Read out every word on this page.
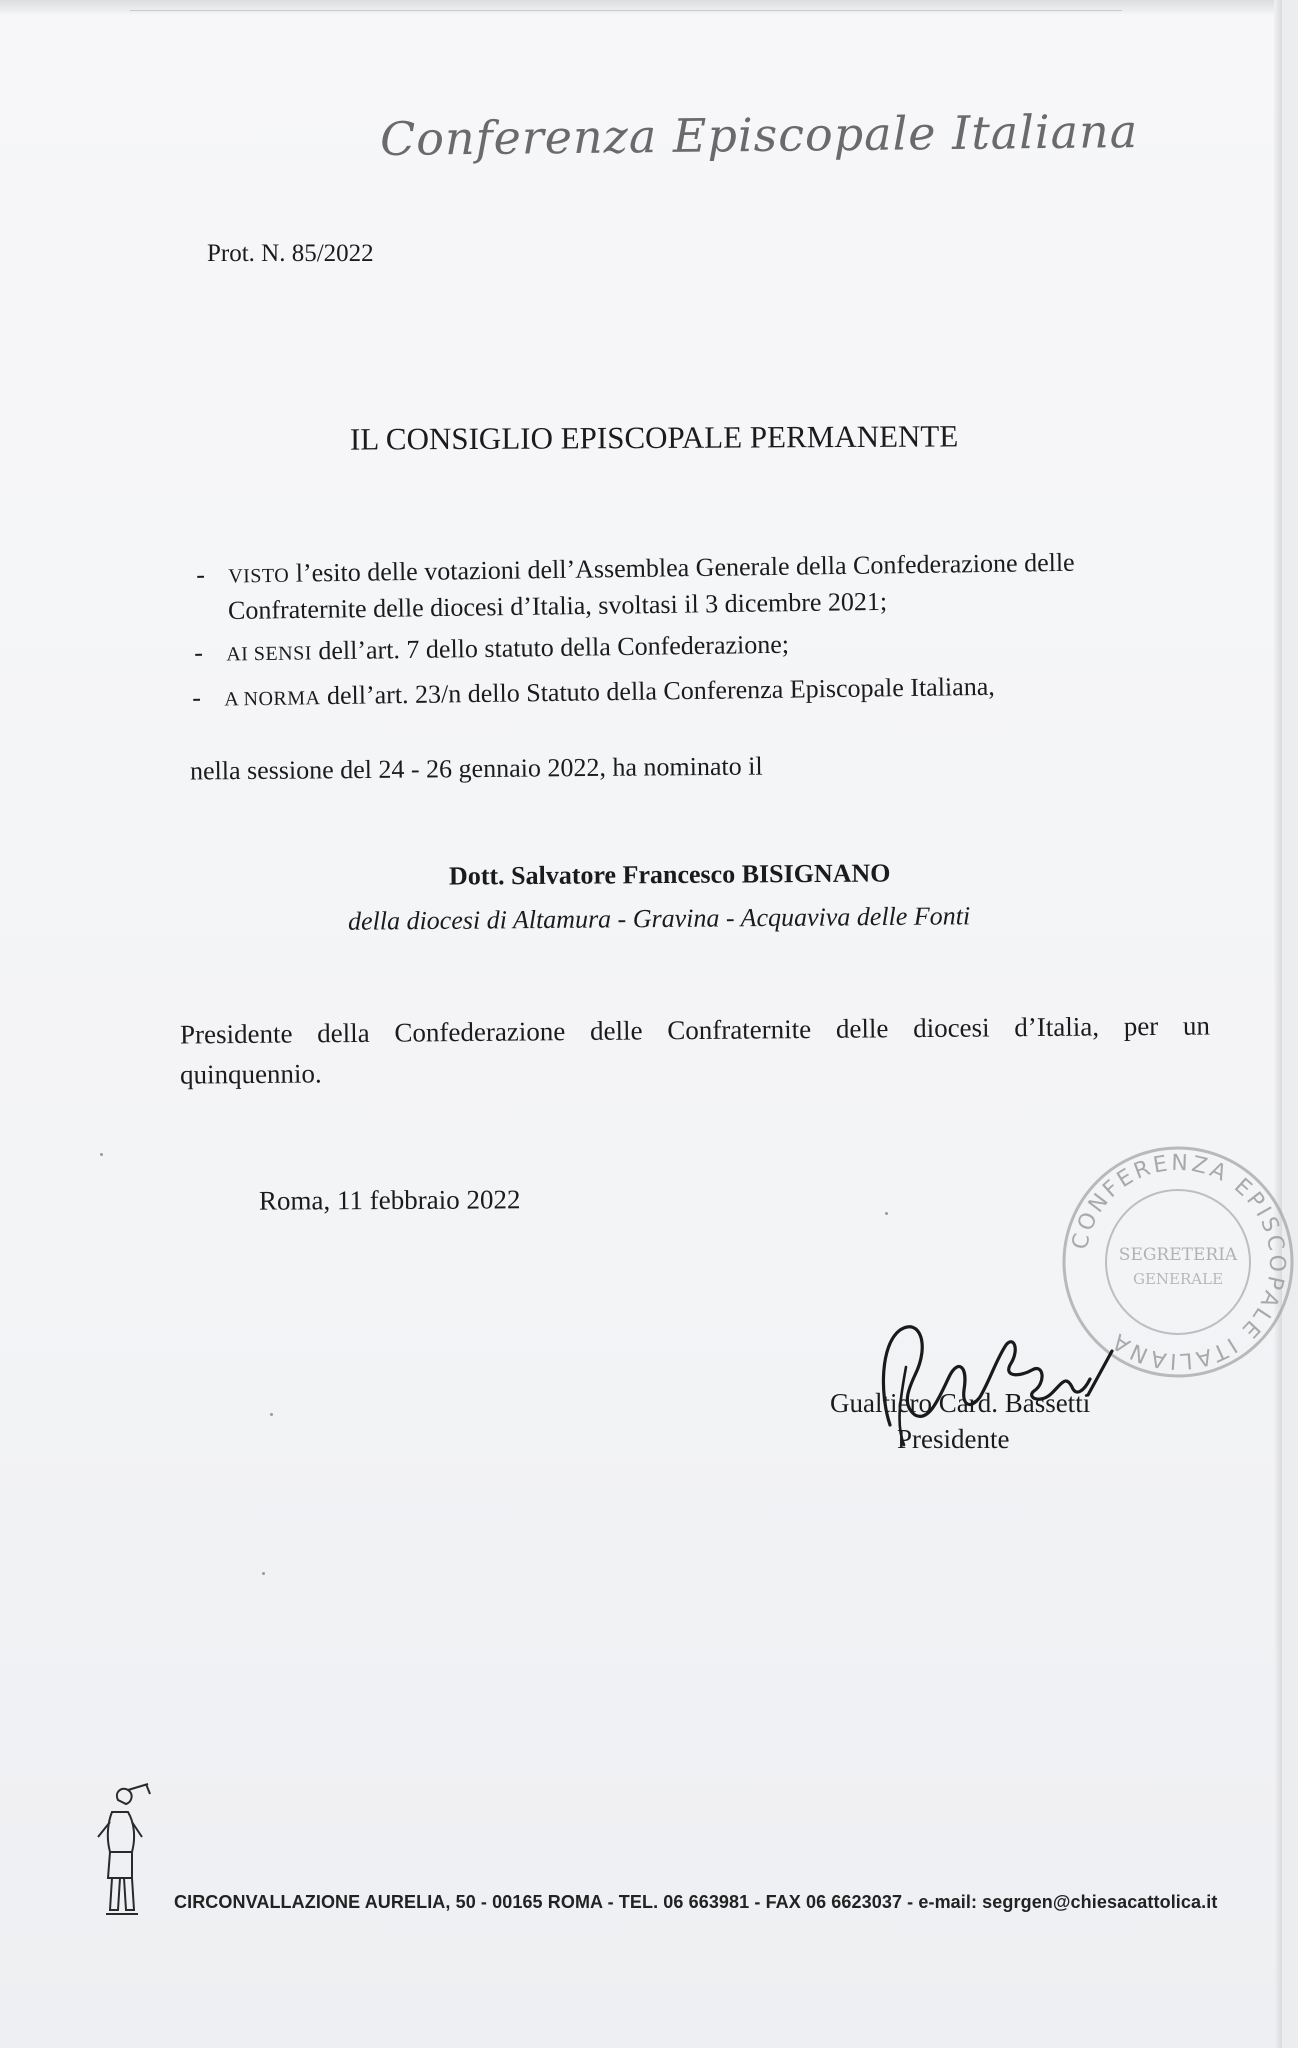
Conferenza Episcopale Italiana
Prot. N. 85/2022
IL CONSIGLIO EPISCOPALE PERMANENTE
- VISTO l’esito delle votazioni dell’Assemblea Generale della Confederazione delle
Confraternite delle diocesi d’Italia, svoltasi il 3 dicembre 2021;
- AI SENSI dell’art. 7 dello statuto della Confederazione;
- A NORMA dell’art. 23/n dello Statuto della Conferenza Episcopale Italiana,
nella sessione del 24 - 26 gennaio 2022, ha nominato il
Dott. Salvatore Francesco BISIGNANO
della diocesi di Altamura - Gravina - Acquaviva delle Fonti
Presidente della Confederazione delle Confraternite delle diocesi d’Italia, per un
quinquennio.
Roma, 11 febbraio 2022
CONFERENZA EPISCOPALE ITALIANA
SEGRETERIA
GENERALE
Gualtiero Card. Bassetti
Presidente
CIRCONVALLAZIONE AURELIA, 50 - 00165 ROMA - TEL. 06 663981 - FAX 06 6623037 - e-mail: segrgen@chiesacattolica.it
